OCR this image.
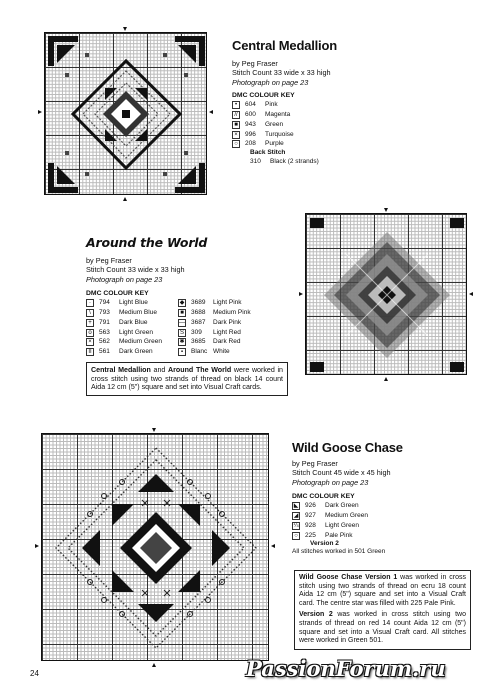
Central Medallion
by Peg Fraser
Stitch Count 33 wide x 33 high
Photograph on page 23
DMC COLOUR KEY
•	604	Pink
//	600	Magenta
■	943	Green
×	996	Turquoise
○	208	Purple
Back Stitch
310	Black (2 strands)
Around the World
by Peg Fraser
Stitch Count 33 wide x 33 high
Photograph on page 23
DMC COLOUR KEY
·	794	Light Blue
\	793	Medium Blue
+	791	Dark Blue
o	563	Light Green
×	562	Medium Green
II	561	Dark Green
◆ 3689	Light Pink
■	3688	Medium Pink
— 3687	Dark Pink
S	309	Light Red
✱ 3685	Dark Red
▪	Blanc White
Central Medallion and Around The World were worked in cross stitch using two strands of thread on black 14 count Aida 12 cm (5") square and set into Visual Craft cards.
Wild Goose Chase
by Peg Fraser
Stitch Count 45 wide x 45 high
Photograph on page 23
DMC COLOUR KEY
◣ 926	Dark Green
◢ 927	Medium Green
¼ 928	Light Green
○	225	Pale Pink
Version 2
All stitches worked in 501 Green
Wild Goose Chase Version 1 was worked in cross stitch using two strands of thread on ecru 18 count Aida 12 cm (5") square and set into a Visual Craft card. The centre star was filled with 225 Pale Pink.
Version 2 was worked in cross stitch using two strands of thread on red 14 count Aida 12 cm (5") square and set into a Visual Craft card. All stitches were worked in Green 501.
24	PassionForum.ru
